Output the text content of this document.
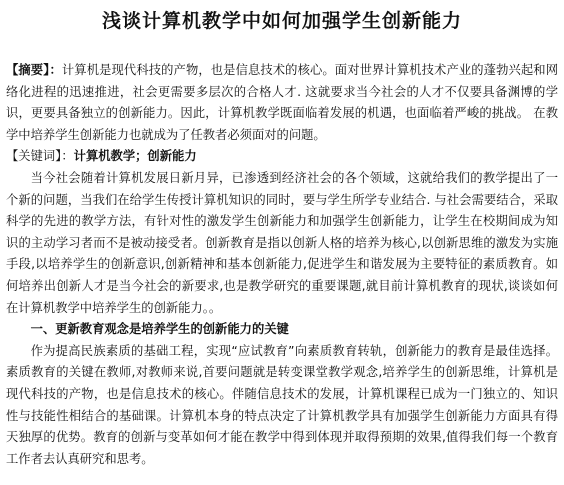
浅谈计算机教学中如何加强学生创新能力

【摘要】：计算机是现代科技的产物，也是信息技术的核心。面对世界计算机技术产业的蓬勃兴起和网络化进程的迅速推进，社会更需要多层次的合格人才. 这就要求当今社会的人才不仅要具备渊博的学识，更要具备独立的创新能力。因此，计算机教学既面临着发展的机遇，也面临着严峻的挑战。 在教学中培养学生创新能力也就成为了任教者必须面对的问题。

【关键词】：计算机教学；创新能力

当今社会随着计算机发展日新月异，已渗透到经济社会的各个领域，这就给我们的教学提出了一个新的问题，当我们在给学生传授计算机知识的同时，要与学生所学专业结合. 与社会需要结合，采取科学的先进的教学方法，有针对性的激发学生创新能力和加强学生创新能力，让学生在校期间成为知识的主动学习者而不是被动接受者。创新教育是指以创新人格的培养为核心,以创新思维的激发为实施手段,以培养学生的创新意识,创新精神和基本创新能力,促进学生和谐发展为主要特征的素质教育。如何培养出创新人才是当今社会的新要求,也是教学研究的重要课题,就目前计算机教育的现状,谈谈如何在计算机教学中培养学生的创新能力。。

一、更新教育观念是培养学生的创新能力的关键

作为提高民族素质的基础工程，实现“应试教育”向素质教育转轨，创新能力的教育是最佳选择。素质教育的关键在教师,对教师来说,首要问题就是转变课堂教学观念,培养学生的创新思维，计算机是现代科技的产物，也是信息技术的核心。伴随信息技术的发展，计算机课程已成为一门独立的、知识性与技能性相结合的基础课。计算机本身的特点决定了计算机教学具有加强学生创新能力方面具有得天独厚的优势。教育的创新与变革如何才能在教学中得到体现并取得预期的效果,值得我们每一个教育工作者去认真研究和思考。
